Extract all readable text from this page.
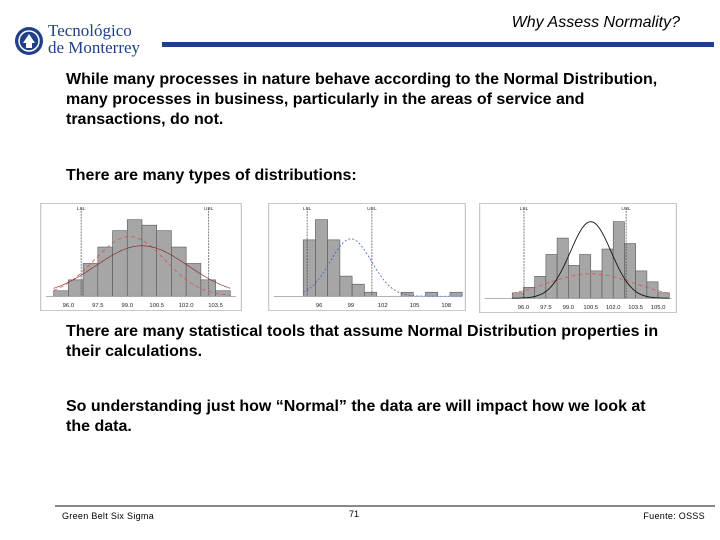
Tecnológico
de Monterrey
Why Assess Normality?
While many processes in nature behave according to the Normal Distribution, many processes in business, particularly in the areas of service and transactions, do not.
There are many types of distributions:
LSL	USL
96.0	97.5	99.0	100.5 102.0 103.5
LSL	USL
96	99	102	105	108
LSL	USL
96.0 97.5 99.0 100.5 102.0 103.5 105.0
There are many statistical tools that assume Normal Distribution properties in their calculations.
So understanding just how “Normal” the data are will impact how we look at the data.
Green Belt Six Sigma	71	Fuente: OSSS
